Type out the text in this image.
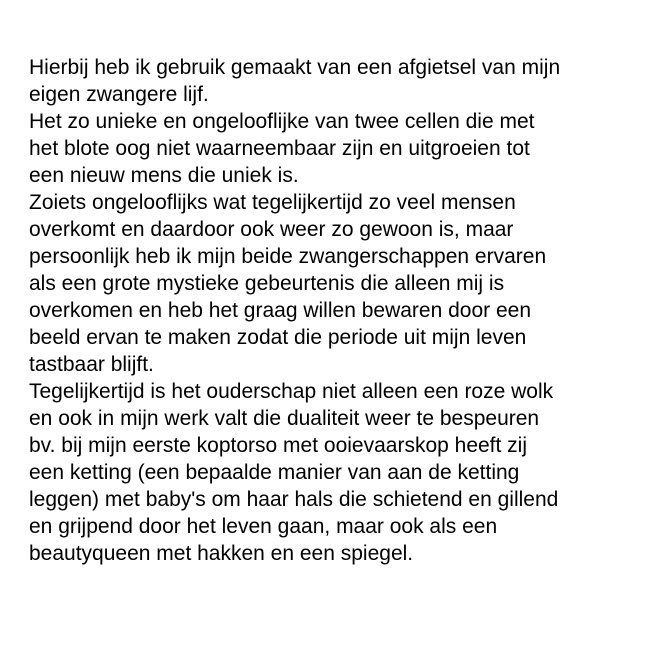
Hierbij heb ik gebruik gemaakt van een afgietsel van mijn
eigen zwangere lijf.
Het zo unieke en ongelooflijke van twee cellen die met
het blote oog niet waarneembaar zijn en uitgroeien tot
een nieuw mens die uniek is.
Zoiets ongelooflijks wat tegelijkertijd zo veel mensen
overkomt en daardoor ook weer zo gewoon is, maar
persoonlijk heb ik mijn beide zwangerschappen ervaren
als een grote mystieke gebeurtenis die alleen mij is
overkomen en heb het graag willen bewaren door een
beeld ervan te maken zodat die periode uit mijn leven
tastbaar blijft.
Tegelijkertijd is het ouderschap niet alleen een roze wolk
en ook in mijn werk valt die dualiteit weer te bespeuren
bv. bij mijn eerste koptorso met ooievaarskop heeft zij
een ketting (een bepaalde manier van aan de ketting
leggen) met baby's om haar hals die schietend en gillend
en grijpend door het leven gaan, maar ook als een
beautyqueen met hakken en een spiegel.
